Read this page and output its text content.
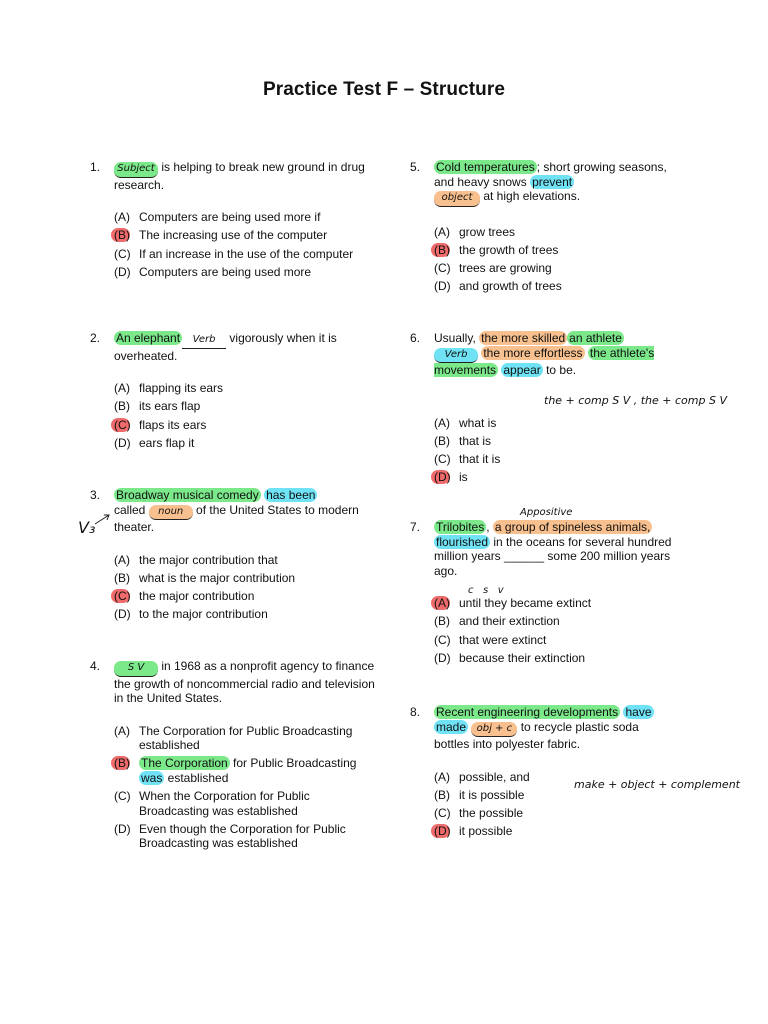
Practice Test F – Structure
1.	Subject is helping to break new ground in drug research.

(A) Computers are being used more if
(B) The increasing use of the computer
(C) If an increase in the use of the computer
(D) Computers are being used more
2. An elephant Verb vigorously when it is overheated.

(A) flapping its ears
(B) its ears flap
(C) flaps its ears
(D) ears flap it
3. Broadway musical comedy has been
called noun of the United States to modern theater.

(A) the major contribution that
(B) what is the major contribution
(C) the major contribution
(D) to the major contribution
V₃
4.	S V in 1968 as a nonprofit agency to finance the growth of noncommercial radio and television in the United States.

(A) The Corporation for Public Broadcasting established
(B) The Corporation for Public Broadcasting was established
(C) When the Corporation for Public Broadcasting was established
(D) Even though the Corporation for Public Broadcasting was established
5. Cold temperatures ; short growing seasons, and heavy snows prevent
object at high elevations.

(A) grow trees
(B) the growth of trees
(C) trees are growing
(D) and growth of trees
6. Usually, the more skilled an athlete
Verb the more effortless the athlete's movements appear to be.

(A) what is
(B) that is
(C) that it is
(D) is
the + comp S V , the + comp S V
Appositive
7. Trilobites , a group of spineless animals,
flourished in the oceans for several hundred million years ______ some 200 million years ago.

(A) until they became extinct
(B) and their extinction
(C) that were extinct
(D) because their extinction
c   s   v
8. Recent engineering developments have
made obj + c to recycle plastic soda bottles into polyester fabric.

(A) possible, and
(B) it is possible
(C) the possible
(D) it possible
make + object + complement
